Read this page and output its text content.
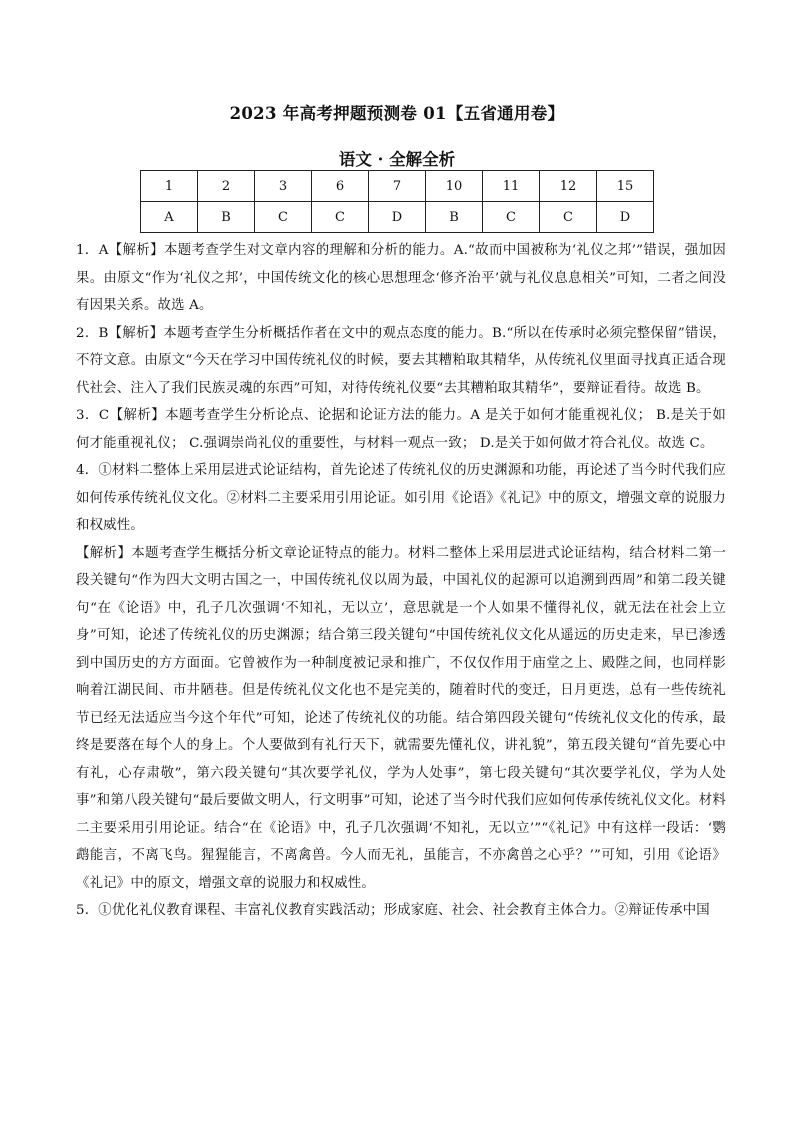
2023 年高考押题预测卷 01【五省通用卷】
语文 · 全解全析
1	2	3	6	7	10	11	12	15
A	B	C	C	D	B	C	C	D

1．A【解析】本题考查学生对文章内容的理解和分析的能力。A.“故而中国被称为‘礼仪之邦’”错误，强加因果。由原文“作为‘礼仪之邦’，中国传统文化的核心思想理念‘修齐治平’就与礼仪息息相关”可知，二者之间没有因果关系。故选 A。

2．B【解析】本题考查学生分析概括作者在文中的观点态度的能力。B.“所以在传承时必须完整保留”错误，不符文意。由原文“今天在学习中国传统礼仪的时候，要去其糟粕取其精华，从传统礼仪里面寻找真正适合现代社会、注入了我们民族灵魂的东西”可知，对待传统礼仪要“去其糟粕取其精华”，要辩证看待。故选 B。

3．C【解析】本题考查学生分析论点、论据和论证方法的能力。A 是关于如何才能重视礼仪； B.是关于如何才能重视礼仪； C.强调崇尚礼仪的重要性，与材料一观点一致； D.是关于如何做才符合礼仪。故选 C。

4．①材料二整体上采用层进式论证结构，首先论述了传统礼仪的历史渊源和功能，再论述了当今时代我们应如何传承传统礼仪文化。②材料二主要采用引用论证。如引用《论语》《礼记》中的原文，增强文章的说服力和权威性。

【解析】本题考查学生概括分析文章论证特点的能力。材料二整体上采用层进式论证结构，结合材料二第一段关键句“作为四大文明古国之一，中国传统礼仪以周为最，中国礼仪的起源可以追溯到西周”和第二段关键句“在《论语》中，孔子几次强调‘不知礼，无以立’，意思就是一个人如果不懂得礼仪，就无法在社会上立身”可知，论述了传统礼仪的历史渊源；结合第三段关键句“中国传统礼仪文化从遥远的历史走来，早已渗透到中国历史的方方面面。它曾被作为一种制度被记录和推广，不仅仅作用于庙堂之上、殿陛之间，也同样影响着江湖民间、市井陋巷。但是传统礼仪文化也不是完美的，随着时代的变迁，日月更迭，总有一些传统礼节已经无法适应当今这个年代”可知，论述了传统礼仪的功能。结合第四段关键句“传统礼仪文化的传承，最终是要落在每个人的身上。个人要做到有礼行天下，就需要先懂礼仪，讲礼貌”，第五段关键句“首先要心中有礼，心存肃敬”，第六段关键句“其次要学礼仪，学为人处事”，第七段关键句“其次要学礼仪，学为人处事”和第八段关键句“最后要做文明人，行文明事”可知，论述了当今时代我们应如何传承传统礼仪文化。材料二主要采用引用论证。结合“在《论语》中，孔子几次强调‘不知礼，无以立’”“《礼记》中有这样一段话：‘鹦鹉能言，不离飞鸟。猩猩能言，不离禽兽。今人而无礼，虽能言，不亦禽兽之心乎？’”可知，引用《论语》《礼记》中的原文，增强文章的说服力和权威性。

5．①优化礼仪教育课程、丰富礼仪教育实践活动；形成家庭、社会、社会教育主体合力。②辩证传承中国
